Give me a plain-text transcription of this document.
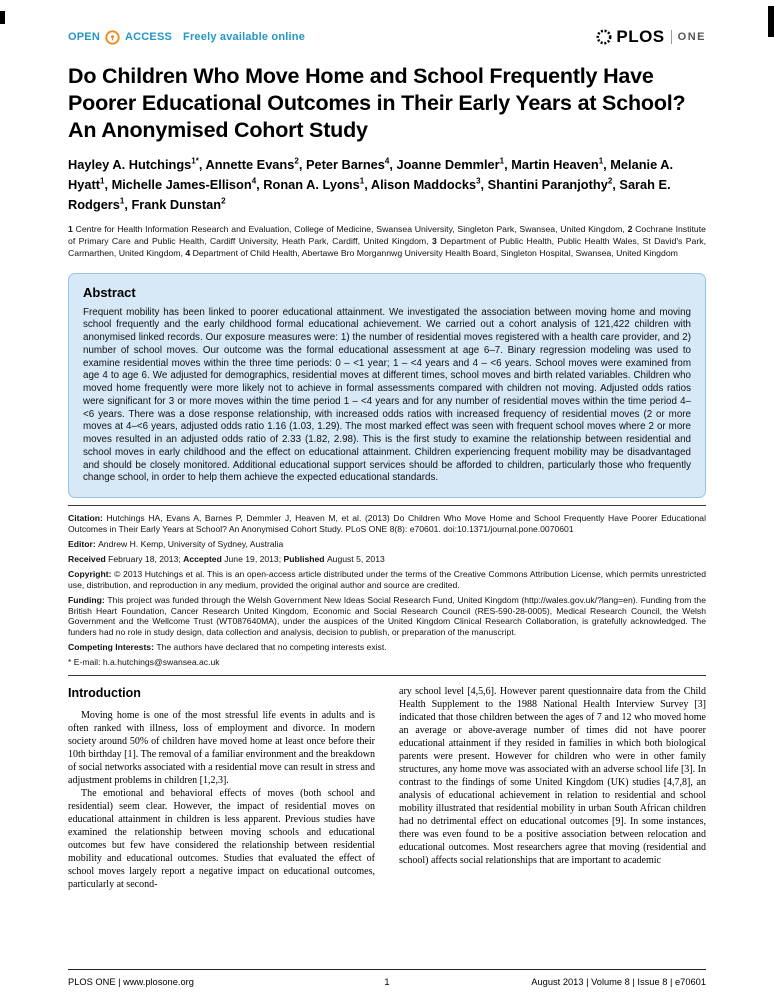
OPEN ACCESS Freely available online	PLOS ONE
Do Children Who Move Home and School Frequently Have Poorer Educational Outcomes in Their Early Years at School? An Anonymised Cohort Study
Hayley A. Hutchings$^{1*}$, Annette Evans$^2$, Peter Barnes$^4$, Joanne Demmler$^1$, Martin Heaven$^1$, Melanie A. Hyatt$^1$, Michelle James-Ellison$^4$, Ronan A. Lyons$^1$, Alison Maddocks$^3$, Shantini Paranjothy$^2$, Sarah E. Rodgers$^1$, Frank Dunstan$^2$

1 Centre for Health Information Research and Evaluation, College of Medicine, Swansea University, Singleton Park, Swansea, United Kingdom, 2 Cochrane Institute of Primary Care and Public Health, Cardiff University, Heath Park, Cardiff, United Kingdom, 3 Department of Public Health, Public Health Wales, St David's Park, Carmarthen, United Kingdom, 4 Department of Child Health, Abertawe Bro Morgannwg University Health Board, Singleton Hospital, Swansea, United Kingdom

Abstract

Frequent mobility has been linked to poorer educational attainment. We investigated the association between moving home and moving school frequently and the early childhood formal educational achievement. We carried out a cohort analysis of 121,422 children with anonymised linked records. Our exposure measures were: 1) the number of residential moves registered with a health care provider, and 2) number of school moves. Our outcome was the formal educational assessment at age 6–7. Binary regression modeling was used to examine residential moves within the three time periods: 0 – <1 year; 1 – <4 years and 4 – <6 years. School moves were examined from age 4 to age 6. We adjusted for demographics, residential moves at different times, school moves and birth related variables. Children who moved home frequently were more likely not to achieve in formal assessments compared with children not moving. Adjusted odds ratios were significant for 3 or more moves within the time period 1 – <4 years and for any number of residential moves within the time period 4– <6 years. There was a dose response relationship, with increased odds ratios with increased frequency of residential moves (2 or more moves at 4–<6 years, adjusted odds ratio 1.16 (1.03, 1.29). The most marked effect was seen with frequent school moves where 2 or more moves resulted in an adjusted odds ratio of 2.33 (1.82, 2.98). This is the first study to examine the relationship between residential and school moves in early childhood and the effect on educational attainment. Children experiencing frequent mobility may be disadvantaged and should be closely monitored. Additional educational support services should be afforded to children, particularly those who frequently change school, in order to help them achieve the expected educational standards.

Citation: Hutchings HA, Evans A, Barnes P, Demmler J, Heaven M, et al. (2013) Do Children Who Move Home and School Frequently Have Poorer Educational Outcomes in Their Early Years at School? An Anonymised Cohort Study. PLoS ONE 8(8): e70601. doi:10.1371/journal.pone.0070601

Editor: Andrew H. Kemp, University of Sydney, Australia

Received February 18, 2013; Accepted June 19, 2013; Published August 5, 2013

Copyright: © 2013 Hutchings et al. This is an open-access article distributed under the terms of the Creative Commons Attribution License, which permits unrestricted use, distribution, and reproduction in any medium, provided the original author and source are credited.

Funding: This project was funded through the Welsh Government New Ideas Social Research Fund, United Kingdom (http://wales.gov.uk/?lang=en). Funding from the British Heart Foundation, Cancer Research United Kingdom, Economic and Social Research Council (RES-590-28-0005), Medical Research Council, the Welsh Government and the Wellcome Trust (WT087640MA), under the auspices of the United Kingdom Clinical Research Collaboration, is gratefully acknowledged. The funders had no role in study design, data collection and analysis, decision to publish, or preparation of the manuscript.

Competing Interests: The authors have declared that no competing interests exist.

* E-mail: h.a.hutchings@swansea.ac.uk

Introduction

Moving home is one of the most stressful life events in adults and is often ranked with illness, loss of employment and divorce. In modern society around 50% of children have moved home at least once before their 10th birthday [1]. The removal of a familiar environment and the breakdown of social networks associated with a residential move can result in stress and adjustment problems in children [1,2,3].

The emotional and behavioral effects of moves (both school and residential) seem clear. However, the impact of residential moves on educational attainment in children is less apparent. Previous studies have examined the relationship between moving schools and educational outcomes but few have considered the relationship between residential mobility and educational outcomes. Studies that evaluated the effect of school moves largely report a negative impact on educational outcomes, particularly at second-

ary school level [4,5,6]. However parent questionnaire data from the Child Health Supplement to the 1988 National Health Interview Survey [3] indicated that those children between the ages of 7 and 12 who moved home an average or above-average number of times did not have poorer educational attainment if they resided in families in which both biological parents were present. However for children who were in other family structures, any home move was associated with an adverse school life [3]. In contrast to the findings of some United Kingdom (UK) studies [4,7,8], an analysis of educational achievement in relation to residential and school mobility illustrated that residential mobility in urban South African children had no detrimental effect on educational outcomes [9]. In some instances, there was even found to be a positive association between relocation and educational outcomes. Most researchers agree that moving (residential and school) affects social relationships that are important to academic

PLOS ONE | www.plosone.org	1	August 2013 | Volume 8 | Issue 8 | e70601
